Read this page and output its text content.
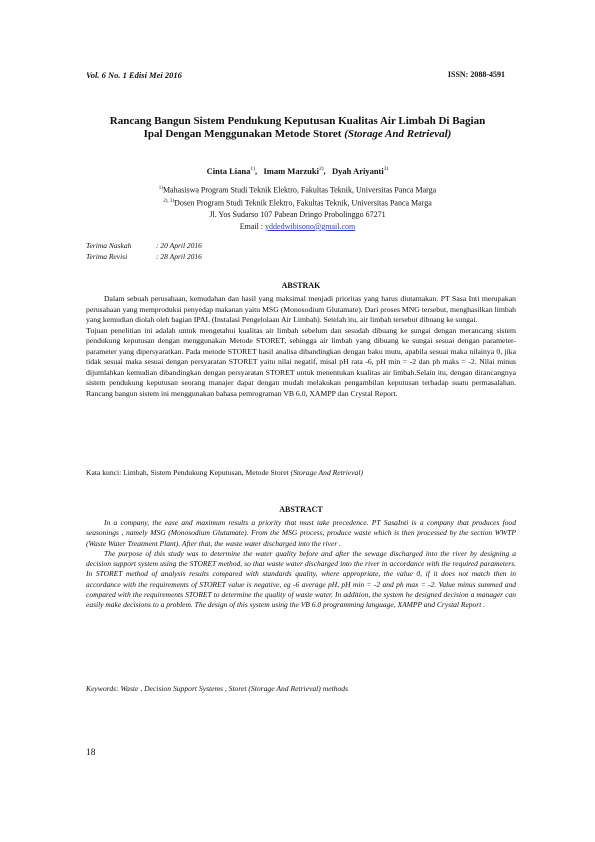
Vol. 6 No. 1 Edisi Mei 2016	ISSN: 2088-4591
Rancang Bangun Sistem Pendukung Keputusan Kualitas Air Limbah Di Bagian
Ipal Dengan Menggunakan Metode Storet (Storage And Retrieval)
Cinta Liana$^{1)}$,   Imam Marzuki$^{2)}$,   Dyah Ariyanti$^{3)}$
$^{1)}$Mahasiswa Program Studi Teknik Elektro, Fakultas Teknik, Universitas Panca Marga
$^{2), 3)}$Dosen Program Studi Teknik Elektro, Fakultas Teknik, Universitas Panca Marga
Jl. Yos Sudarso 107 Pabean Dringo Probolinggo 67271
Email : yddedwibisono@gmail.com
Terima Naskah	: 20 April 2016
Terima Revisi	: 28 April 2016
ABSTRAK

Dalam sebuah perusahaan, kemudahan dan hasil yang maksimal menjadi prioritas yang harus diutamakan. PT Sasa Inti merupakan perusahaan yang memproduksi penyedap makanan yaitu MSG (Monosodium Glutamate). Dari proses MNG tersebut, menghasilkan limbah yang kemudian diolah oleh bagian IPAL (Instalasi Pengelolaan Air Limbah). Setelah itu, air limbah tersebut dibuang ke sungai.

Tujuan penelitian ini adalah untuk mengetahui kualitas air limbah sebelum dan sesudah dibuang ke sungai dengan merancang sistem pendukung keputusan dengan menggunakan Metode STORET, sehingga air limbah yang dibuang ke sungai sesuai dengan parameter-parameter yang dipersyaratkan. Pada metode STORET hasil analisa dibandingkan dengan baku mutu, apabila sesuai maka nilainya 0, jika tidak sesuai maka sesuai dengan persyaratan STORET yaitu nilai negatif, misal pH rata -6, pH min = -2 dan ph maks = -2. Nilai minus dijumlahkan kemudian dibandingkan dengan persyaratan STORET untuk menentukan kualitas air limbah.Selain itu, dengan dirancangnya sistem pendukung keputusan seorang manajer dapat dengan mudah melakukan pengambilan keputusan terhadap suatu permasalahan. Rancang bangun sistem ini menggunakan bahasa pemrograman VB 6.0, XAMPP dan Crystal Report.

Kata kunci: Limbah, Sistem Pendukung Keputusan, Metode Storet (Storage And Retrieval)
ABSTRACT

In a company, the ease and maximum results a priority that must take precedence. PT SasaInti is a company that produces food seasonings , namely MSG (Monosodium Glutamate). From the MSG process, produce waste which is then processed by the section WWTP (Waste Water Treatment Plant). After that, the waste water discharged into the river .

The purpose of this study was to determine the water quality before and after the sewage discharged into the river by designing a decision support system using the STORET method, so that waste water discharged into the river in accordance with the required parameters. In STORET method of analysis results compared with standards quality, where appropriate, the value 0, if it does not match then in accordance with the requirements of STORET value is negative, eg -6 average pH, pH min = -2 and ph max = -2. Value minus summed and compared with the requirements STORET to determine the quality of waste water. In addition, the system he designed decision a manager can easily make decisions to a problem. The design of this system using the VB 6.0 programming language, XAMPP and Crystal Report .

Keywords: Waste , Decision Support Systems , Storet (Storage And Retrieval) methods
18
